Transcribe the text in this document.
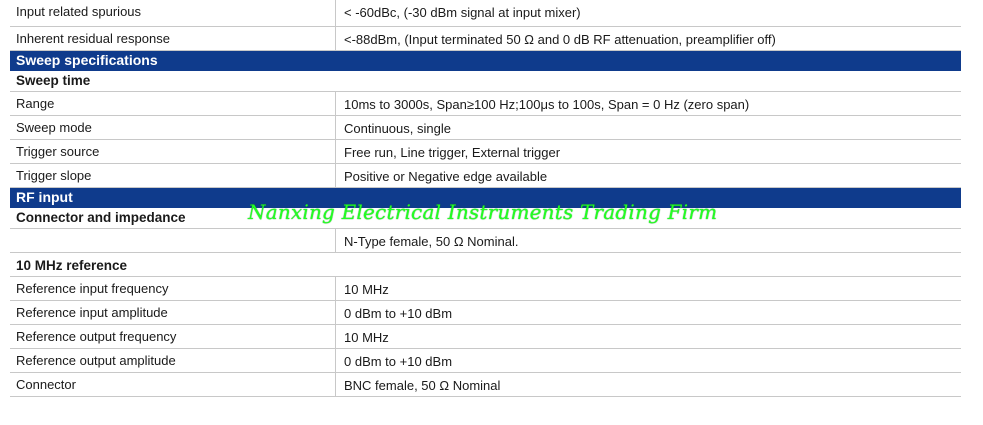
Input related spurious	< -60dBc, (-30 dBm signal at input mixer)
Inherent residual response	<-88dBm, (Input terminated 50 Ω and 0 dB RF attenuation, preamplifier off)
Sweep specifications
Sweep time
Range	10ms to 3000s, Span≥100 Hz;100μs to 100s, Span = 0 Hz (zero span)
Sweep mode	Continuous, single
Trigger source	Free run, Line trigger, External trigger
Trigger slope	Positive or Negative edge available
RF input
Connector and impedance
N-Type female, 50 Ω Nominal.
10 MHz reference
Reference input frequency	10 MHz
Reference input amplitude	0 dBm to +10 dBm
Reference output frequency	10 MHz
Reference output amplitude	0 dBm to +10 dBm
Connector	BNC female, 50 Ω Nominal
Nanxing Electrical Instruments Trading Firm
